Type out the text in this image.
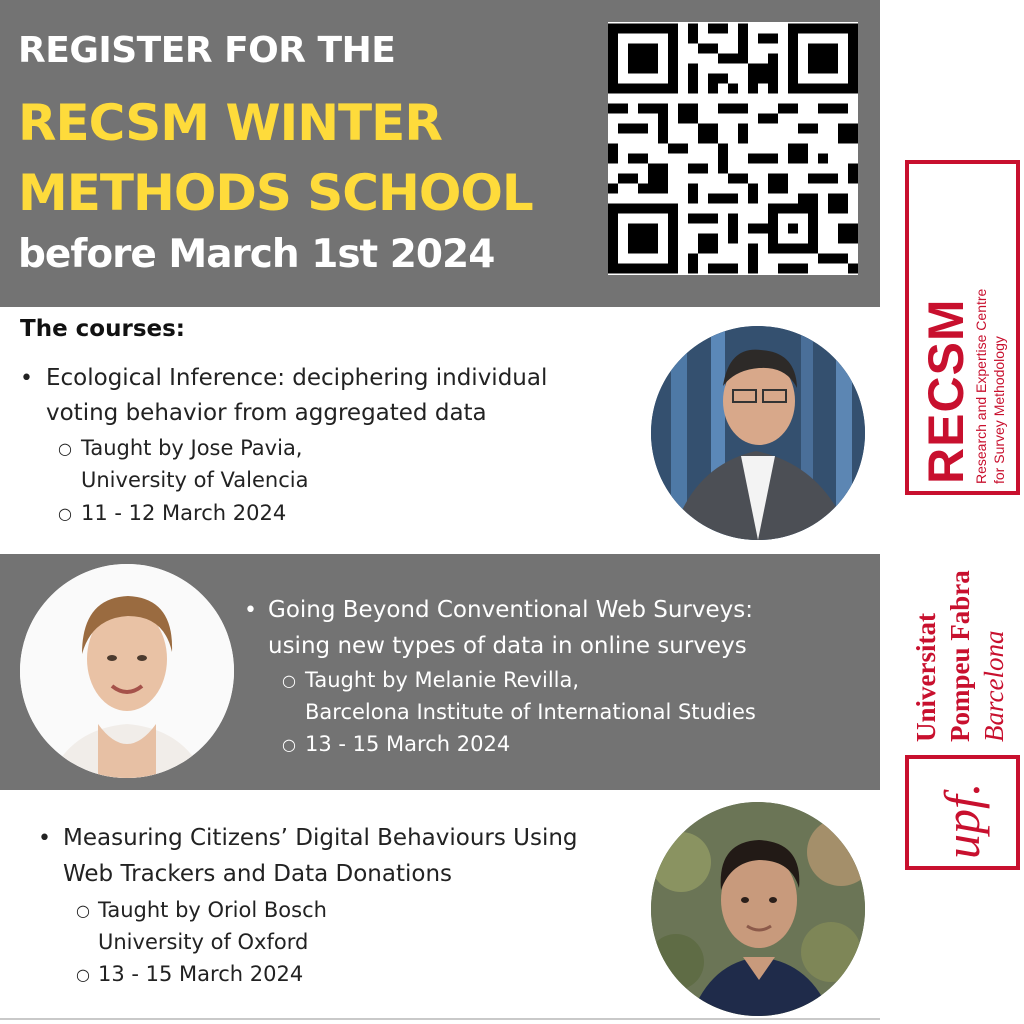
REGISTER FOR THE
RECSM WINTER
METHODS SCHOOL
before March 1st 2024
The courses:
• Ecological Inference: deciphering individual
voting behavior from aggregated data
○ Taught by Jose Pavia,
University of Valencia
○ 11 - 12 March 2024
• Going Beyond Conventional Web Surveys:
using new types of data in online surveys
○ Taught by Melanie Revilla,
Barcelona Institute of International Studies
○ 13 - 15 March 2024
• Measuring Citizens’ Digital Behaviours Using
Web Trackers and Data Donations
○ Taught by Oriol Bosch
University of Oxford
○ 13 - 15 March 2024
RECSM Research and Expertise Centre for Survey Methodology
Universitat Pompeu Fabra Barcelona
upf.
